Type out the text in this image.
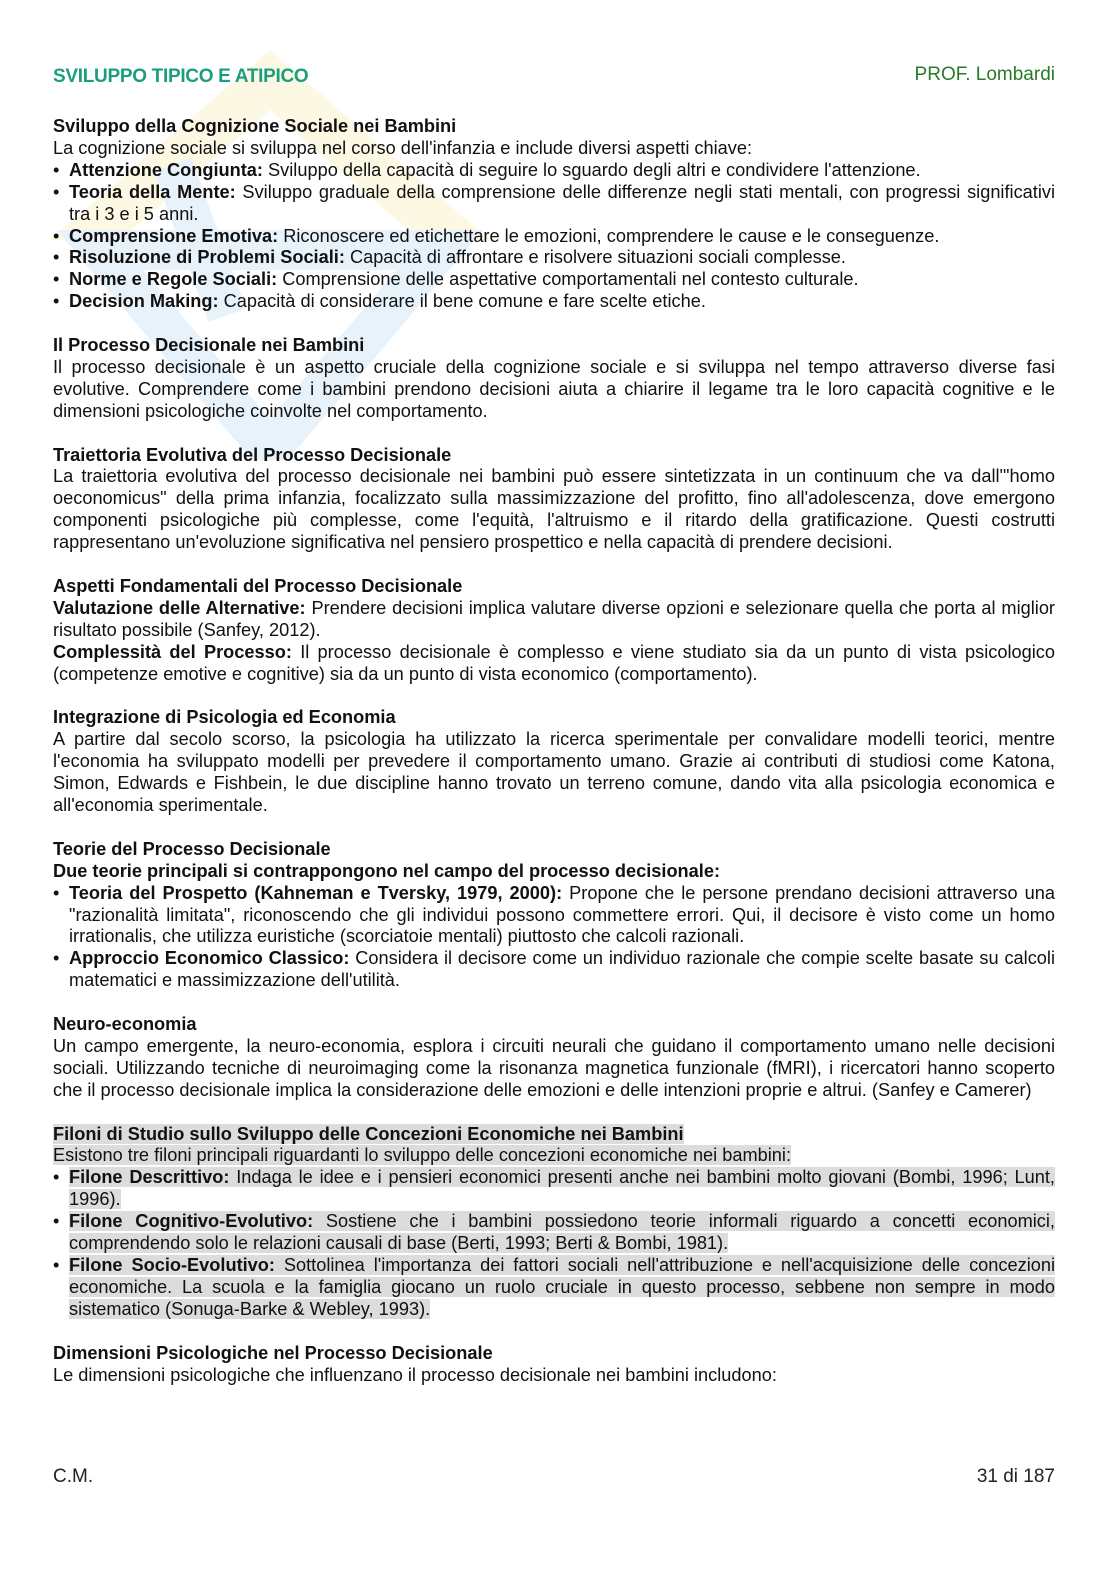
SVILUPPO TIPICO E ATIPICO	PROF. Lombardi
Sviluppo della Cognizione Sociale nei Bambini

La cognizione sociale si sviluppa nel corso dell'infanzia e include diversi aspetti chiave:

• Attenzione Congiunta: Sviluppo della capacità di seguire lo sguardo degli altri e condividere l'attenzione.
• Teoria della Mente: Sviluppo graduale della comprensione delle differenze negli stati mentali, con progressi significativi tra i 3 e i 5 anni.
• Comprensione Emotiva: Riconoscere ed etichettare le emozioni, comprendere le cause e le conseguenze.
• Risoluzione di Problemi Sociali: Capacità di affrontare e risolvere situazioni sociali complesse.
• Norme e Regole Sociali: Comprensione delle aspettative comportamentali nel contesto culturale.
• Decision Making: Capacità di considerare il bene comune e fare scelte etiche.
Il Processo Decisionale nei Bambini

Il processo decisionale è un aspetto cruciale della cognizione sociale e si sviluppa nel tempo attraverso diverse fasi evolutive. Comprendere come i bambini prendono decisioni aiuta a chiarire il legame tra le loro capacità cognitive e le dimensioni psicologiche coinvolte nel comportamento.

Traiettoria Evolutiva del Processo Decisionale

La traiettoria evolutiva del processo decisionale nei bambini può essere sintetizzata in un continuum che va dall'"homo oeconomicus" della prima infanzia, focalizzato sulla massimizzazione del profitto, fino all'adolescenza, dove emergono componenti psicologiche più complesse, come l'equità, l'altruismo e il ritardo della gratificazione. Questi costrutti rappresentano un'evoluzione significativa nel pensiero prospettico e nella capacità di prendere decisioni.

Aspetti Fondamentali del Processo Decisionale

Valutazione delle Alternative: Prendere decisioni implica valutare diverse opzioni e selezionare quella che porta al miglior risultato possibile (Sanfey, 2012).

Complessità del Processo: Il processo decisionale è complesso e viene studiato sia da un punto di vista psicologico (competenze emotive e cognitive) sia da un punto di vista economico (comportamento).

Integrazione di Psicologia ed Economia

A partire dal secolo scorso, la psicologia ha utilizzato la ricerca sperimentale per convalidare modelli teorici, mentre l'economia ha sviluppato modelli per prevedere il comportamento umano. Grazie ai contributi di studiosi come Katona, Simon, Edwards e Fishbein, le due discipline hanno trovato un terreno comune, dando vita alla psicologia economica e all'economia sperimentale.

Teorie del Processo Decisionale

Due teorie principali si contrappongono nel campo del processo decisionale:

• Teoria del Prospetto (Kahneman e Tversky, 1979, 2000): Propone che le persone prendano decisioni attraverso una "razionalità limitata", riconoscendo che gli individui possono commettere errori. Qui, il decisore è visto come un homo irrationalis, che utilizza euristiche (scorciatoie mentali) piuttosto che calcoli razionali.
• Approccio Economico Classico: Considera il decisore come un individuo razionale che compie scelte basate su calcoli matematici e massimizzazione dell'utilità.
Neuro-economia

Un campo emergente, la neuro-economia, esplora i circuiti neurali che guidano il comportamento umano nelle decisioni sociali. Utilizzando tecniche di neuroimaging come la risonanza magnetica funzionale (fMRI), i ricercatori hanno scoperto che il processo decisionale implica la considerazione delle emozioni e delle intenzioni proprie e altrui. (Sanfey e Camerer)

Filoni di Studio sullo Sviluppo delle Concezioni Economiche nei Bambini

Esistono tre filoni principali riguardanti lo sviluppo delle concezioni economiche nei bambini:

• Filone Descrittivo: Indaga le idee e i pensieri economici presenti anche nei bambini molto giovani (Bombi, 1996; Lunt, 1996).
• Filone Cognitivo-Evolutivo: Sostiene che i bambini possiedono teorie informali riguardo a concetti economici, comprendendo solo le relazioni causali di base (Berti, 1993; Berti & Bombi, 1981).
• Filone Socio-Evolutivo: Sottolinea l'importanza dei fattori sociali nell'attribuzione e nell'acquisizione delle concezioni economiche. La scuola e la famiglia giocano un ruolo cruciale in questo processo, sebbene non sempre in modo sistematico (Sonuga-Barke & Webley, 1993).
Dimensioni Psicologiche nel Processo Decisionale

Le dimensioni psicologiche che influenzano il processo decisionale nei bambini includono:

C.M.	31 di 187
